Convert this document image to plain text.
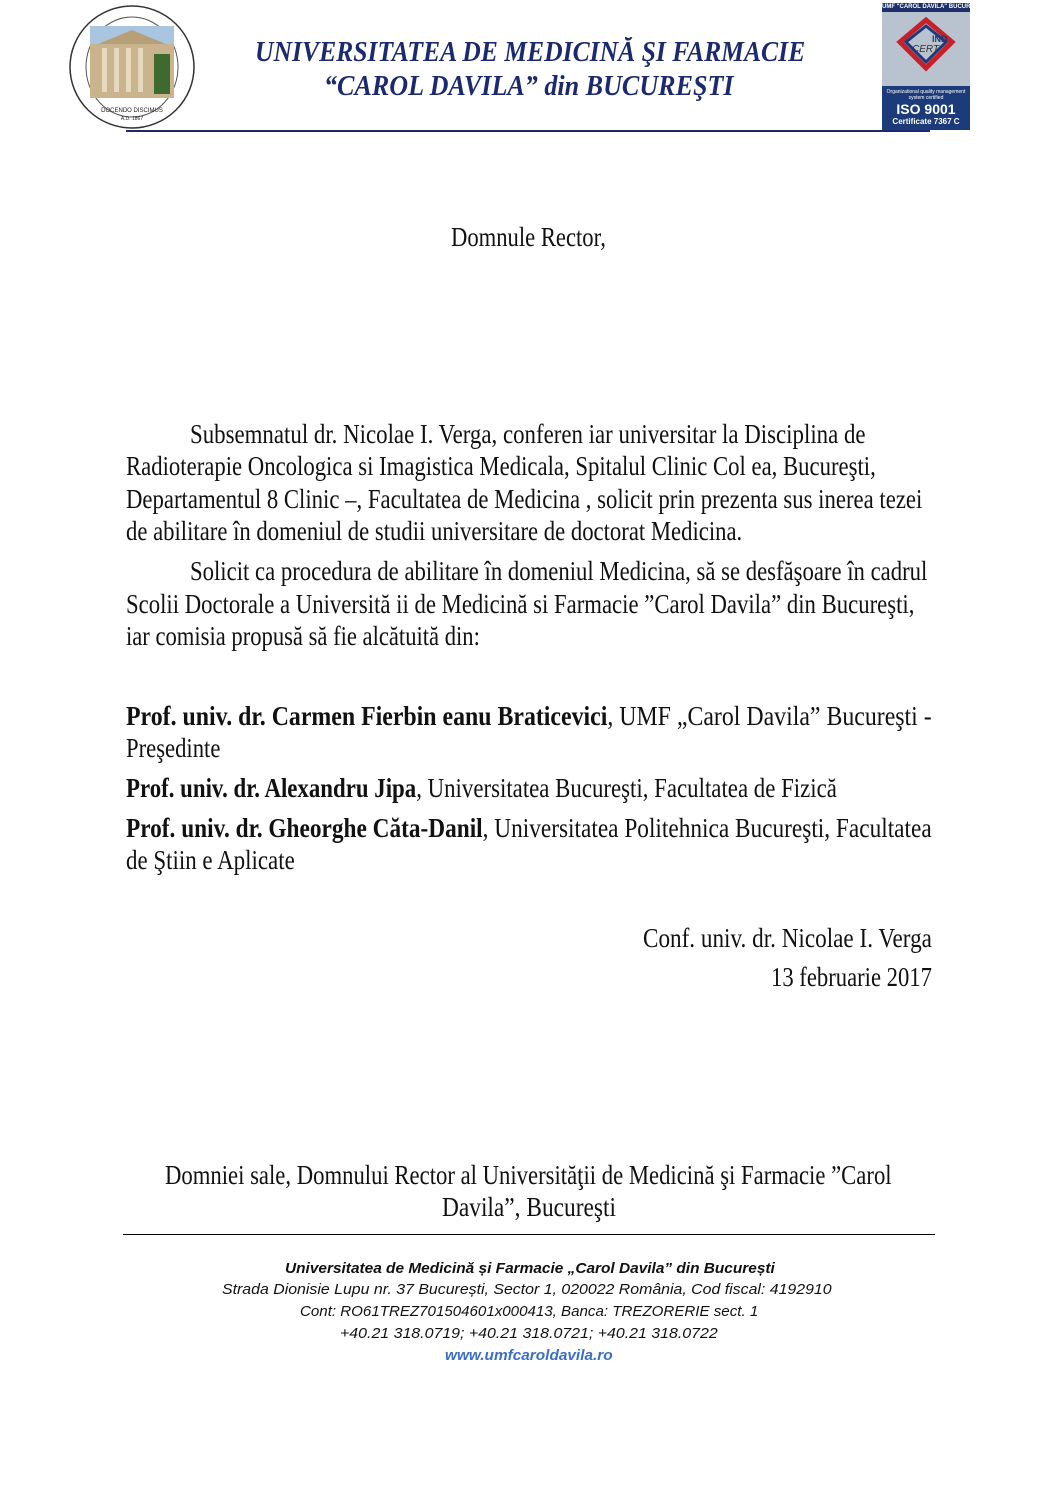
DOCENDO DISCIMUS
A.D. 1867
UNIVERSITATEA DE MEDICINĂ ŞI FARMACIE
“CAROL DAVILA” din BUCUREŞTI
UMF "CAROL DAVILA" BUCUREŞTI
CERT
IND
Organizational quality management system certified
ISO 9001
Certificate 7367 C
Domnule Rector,
Subsemnatul dr. Nicolae I. Verga, conferen iar universitar la Disciplina de
Radioterapie Oncologica si Imagistica Medicala, Spitalul Clinic Col ea, Bucureşti,
Departamentul 8 Clinic –, Facultatea de Medicina , solicit prin prezenta sus inerea tezei
de abilitare în domeniul de studii universitare de doctorat Medicina.
Solicit ca procedura de abilitare în domeniul Medicina, să se desfăşoare în cadrul
Scolii Doctorale a Universită ii de Medicină si Farmacie ”Carol Davila” din Bucureşti,
iar comisia propusă să fie alcătuită din:
Prof. univ. dr. Carmen Fierbin eanu Braticevici, UMF „Carol Davila” Bucureşti -
Preşedinte
Prof. univ. dr. Alexandru Jipa, Universitatea Bucureşti, Facultatea de Fizică
Prof. univ. dr. Gheorghe Căta-Danil, Universitatea Politehnica Bucureşti, Facultatea
de Ştiin e Aplicate
Conf. univ. dr. Nicolae I. Verga
13 februarie 2017
Domniei sale, Domnului Rector al Universităţii de Medicină şi Farmacie ”Carol
Davila”, Bucureşti
Universitatea de Medicină și Farmacie „Carol Davila” din București
Strada Dionisie Lupu nr. 37 București, Sector 1, 020022 România, Cod fiscal: 4192910
Cont: RO61TREZ701504601x000413, Banca: TREZORERIE sect. 1
+40.21 318.0719; +40.21 318.0721; +40.21 318.0722
www.umfcaroldavila.ro
